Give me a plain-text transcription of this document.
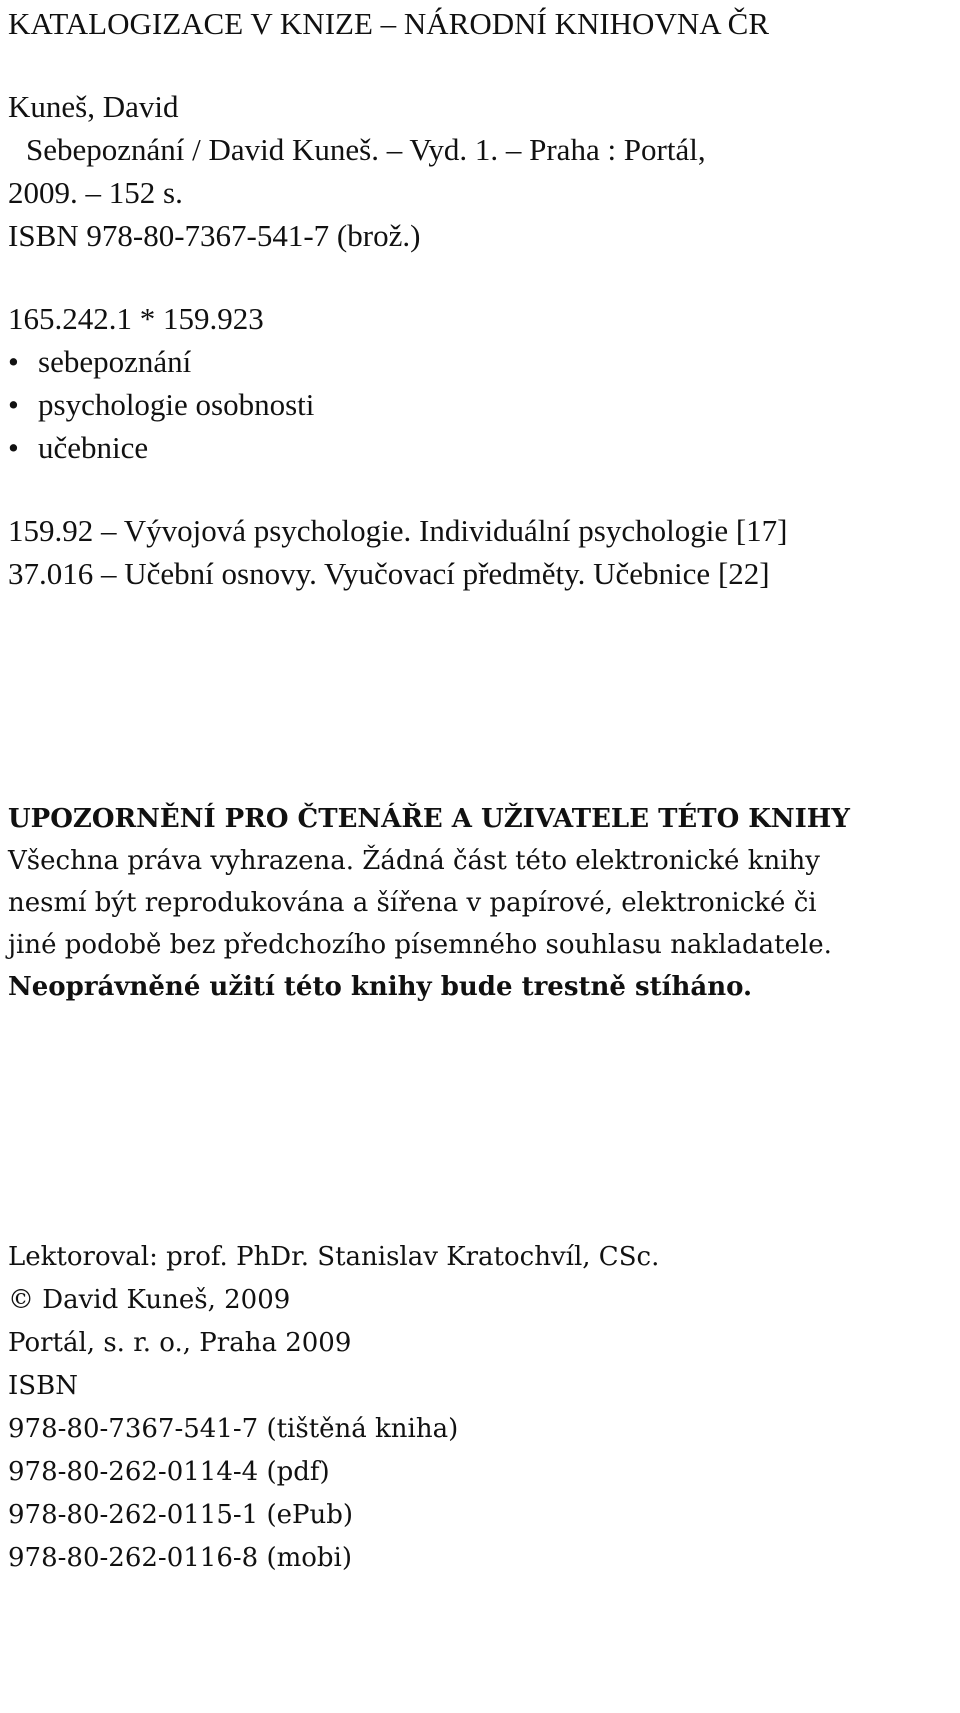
KATALOGIZACE V KNIZE – NÁRODNÍ KNIHOVNA ČR
Kuneš, David
Sebepoznání / David Kuneš. – Vyd. 1. – Praha : Portál,
2009. – 152 s.
ISBN 978-80-7367-541-7 (brož.)
165.242.1 * 159.923
• sebepoznání
• psychologie osobnosti
• učebnice
159.92 – Vývojová psychologie. Individuální psychologie [17]
37.016 – Učební osnovy. Vyučovací předměty. Učebnice [22]
UPOZORNĚNÍ PRO ČTENÁŘE A UŽIVATELE TÉTO KNIHY
Všechna práva vyhrazena. Žádná část této elektronické knihy
nesmí být reprodukována a šířena v papírové, elektronické či
jiné podobě bez předchozího písemného souhlasu nakladatele.
Neoprávněné užití této knihy bude trestně stíháno.
Lektoroval: prof. PhDr. Stanislav Kratochvíl, CSc.
© David Kuneš, 2009
Portál, s. r. o., Praha 2009
ISBN
978-80-7367-541-7 (tištěná kniha)
978-80-262-0114-4 (pdf)
978-80-262-0115-1 (ePub)
978-80-262-0116-8 (mobi)
